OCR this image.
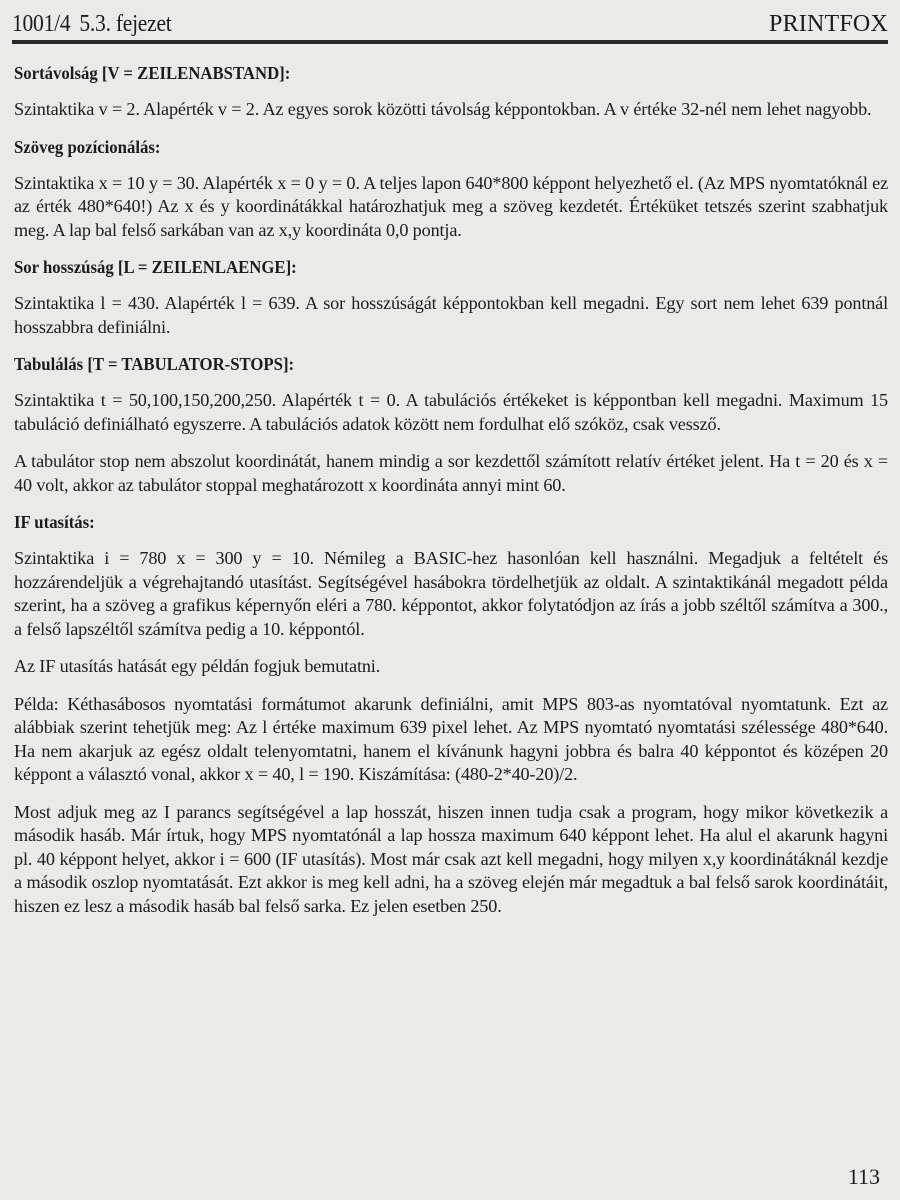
1001/4 5.3. fejezet	PRINTFOX
Sortávolság [V = ZEILENABSTAND]:

Szintaktika v = 2. Alapérték v = 2. Az egyes sorok közötti távolság képpontokban. A v értéke 32-nél nem lehet nagyobb.

Szöveg pozícionálás:

Szintaktika x = 10 y = 30. Alapérték x = 0 y = 0. A teljes lapon 640*800 képpont helyezhető el. (Az MPS nyomtatóknál ez az érték 480*640!) Az x és y koordinátákkal határozhatjuk meg a szöveg kezdetét. Értéküket tetszés szerint szabhatjuk meg. A lap bal felső sarkában van az x,y koordináta 0,0 pontja.

Sor hosszúság [L = ZEILENLAENGE]:

Szintaktika l = 430. Alapérték l = 639. A sor hosszúságát képpontokban kell megadni. Egy sort nem lehet 639 pontnál hosszabbra definiálni.

Tabulálás [T = TABULATOR-STOPS]:

Szintaktika t = 50,100,150,200,250. Alapérték t = 0. A tabulációs értékeket is képpontban kell megadni. Maximum 15 tabuláció definiálható egyszerre. A tabulációs adatok között nem fordulhat elő szóköz, csak vessző.

A tabulátor stop nem abszolut koordinátát, hanem mindig a sor kezdettől számított relatív értéket jelent. Ha t = 20 és x = 40 volt, akkor az tabulátor stoppal meghatározott x koordináta annyi mint 60.

IF utasítás:

Szintaktika i = 780 x = 300 y = 10. Némileg a BASIC-hez hasonlóan kell használni. Megadjuk a feltételt és hozzárendeljük a végrehajtandó utasítást. Segítségével hasábokra tördelhetjük az oldalt. A szintaktikánál megadott példa szerint, ha a szöveg a grafikus képernyőn eléri a 780. képpontot, akkor folytatódjon az írás a jobb széltől számítva a 300., a felső lapszéltől számítva pedig a 10. képpontól.

Az IF utasítás hatását egy példán fogjuk bemutatni.

Példa: Kéthasábosos nyomtatási formátumot akarunk definiálni, amit MPS 803-as nyomtatóval nyomtatunk. Ezt az alábbiak szerint tehetjük meg: Az l értéke maximum 639 pixel lehet. Az MPS nyomtató nyomtatási szélessége 480*640. Ha nem akarjuk az egész oldalt telenyomtatni, hanem el kívánunk hagyni jobbra és balra 40 képpontot és középen 20 képpont a választó vonal, akkor x = 40, l = 190. Kiszámítása: (480-2*40-20)/2.

Most adjuk meg az I parancs segítségével a lap hosszát, hiszen innen tudja csak a program, hogy mikor következik a második hasáb. Már írtuk, hogy MPS nyomtatónál a lap hossza maximum 640 képpont lehet. Ha alul el akarunk hagyni pl. 40 képpont helyet, akkor i = 600 (IF utasítás). Most már csak azt kell megadni, hogy milyen x,y koordinátáknál kezdje a második oszlop nyomtatását. Ezt akkor is meg kell adni, ha a szöveg elején már megadtuk a bal felső sarok koordinátáit, hiszen ez lesz a második hasáb bal felső sarka. Ez jelen esetben 250.

113
